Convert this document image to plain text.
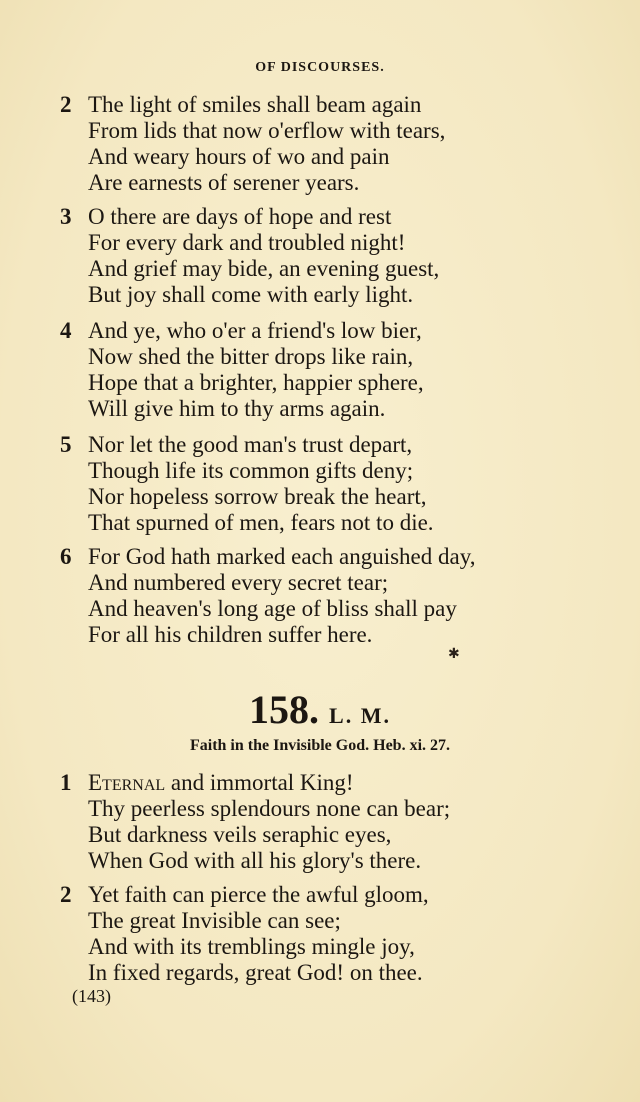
OF DISCOURSES.
2 The light of smiles shall beam again
From lids that now o'erflow with tears,
And weary hours of wo and pain
Are earnests of serener years.
3 O there are days of hope and rest
For every dark and troubled night!
And grief may bide, an evening guest,
But joy shall come with early light.
4 And ye, who o'er a friend's low bier,
Now shed the bitter drops like rain,
Hope that a brighter, happier sphere,
Will give him to thy arms again.
5 Nor let the good man's trust depart,
Though life its common gifts deny;
Nor hopeless sorrow break the heart,
That spurned of men, fears not to die.
6 For God hath marked each anguished day,
And numbered every secret tear;
And heaven's long age of bliss shall pay
For all his children suffer here.
✱
158. L. M.
Faith in the Invisible God. Heb. xi. 27.
1 Eternal and immortal King!
Thy peerless splendours none can bear;
But darkness veils seraphic eyes,
When God with all his glory's there.
2 Yet faith can pierce the awful gloom,
The great Invisible can see;
And with its tremblings mingle joy,
In fixed regards, great God! on thee.
(143)
